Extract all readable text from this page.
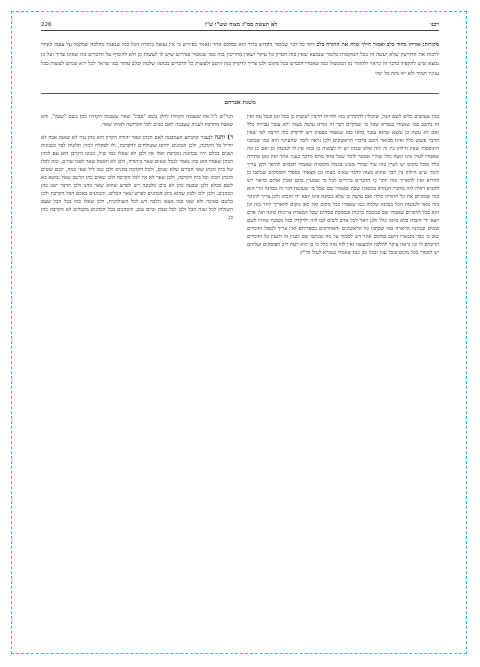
רבנו
לא תעשה סמ"ג מצוה שש"ו ש"ז
226
מקורות: אורחו מחוד כלב ואמור הילך שלה את התורה בלב ויחד כל דבר שמוסר הקדוש ברוך הוא במקום אחר ונאמר בפירוש כי אין נעשה בתורה הכל כמו שנאמר בהלכה שמקבל על עצמו לאחר לרבות את הדורשין שלא יעשה זה בכל המקומות כלומר שנמצא שאין בזה חסרון כל עיקר ושאין מחוייבין בזה כמו שנאמר בפירוש שיש לו לעשות כן ולא להוסיף על הדברים מה שאינו צריך ועל כן נמצא שיש להקפיד בדבר זה כראוי ולהזהר מן המכשול כמו שאמרו חכמים בכל מקום ולכן צריך לדקדק בזה היטב ולעשות כל הדברים בכוונה שלמה ובלב טהור כמו שראוי לכל ירא שמים לעשות בכל עניניו תמיד ולא יזוז מזה כל ימיו
משנת אברהם

כגון שעושים כלום לשם הכל, שיכולין להתחייב בזה ולהיות חייבין לעשות כן בכל זמן ובכל עת ואין זה נחשב כמו שאמרו בגמרא שכל מי שמקיים דבר זה נקרא עושה מצוה ולא עובר עבירה כלל ואם לא עשה כן נמצא שהוא עובר בלאו כמו שנאמר בפסוק ויש לדקדק בזה הרבה לפי שאין הדבר פשוט כלל ואינו מבואר היטב בדברי הראשונים ולכן נראה לומר שהעיקר הוא כמו שכתבו התוספות שאין חילוק בין זה לזה אלא שבזה יש לו לעשות כן ובזה אין לו לעשות כן ואם כן מה שאמרו לעיל אינו קשה כלל שהרי אפשר לומר שכל אחד מהם מדבר בענין אחר ואין כאן סתירה כלל ומכל מקום יש לעיין בזה עוד שהרי מצינו בכמה מקומות שאמרו חכמים להיפך ולכן צריך לומר שיש חילוק בין דבר שהוא מצוה לדבר שאינו מצוה וכן מצאתי בספרי הפוסקים שכתבו כן להדיא ואין להאריך בזה יותר כי הדברים ברורים לכל מי שמעיין בהם ומבין אותם כראוי ויש להביא ראיה לזה מדברי הגמרא במסכת שבת שאמרו שם שכל מי שעושה דבר זה בכוונה הרי הוא כמי שמקיים את כל התורה כולה ואם עושה כן שלא בכוונה אינו יוצא ידי חובתו ולכן צריך להזהר בזה מאד ולעשות הכל בכוונה שלמה כמו שאמרו בכל מקום ואין כאן מקום להאריך יותר בזה וכן הוא בכל הדברים שאמרו שם במסכת ברכות ובמסכת פסחים שכל המצוות צריכות כוונה ואין אדם יוצא ידי חובתו בלא כוונה כלל ולכן ראוי לכל אדם לשים לבו לזה ולדקדק בכל מעשיו שיהיו לשם שמים ובכוונה הראויה כמו שכתבו כל הראשונים והאחרונים בספריהם ואין צריך לכפול הדברים שוב כי כבר נתבארו היטב במקום אחר ויש לסמוך על מה שכתבו שם לענין זה ולענין כל הדברים הדומים לו וכן נראה עיקר להלכה ולמעשה ואין לזוז מזה כלל כי כן הוא דעת רוב הפוסקים ועליהם יש לסמוך בכל מקום ובכל ענין ובכל זמן כמו שאמרו בגמרא לעיל ודו"ק

הגר"ש ז"ל את שעבכה הקחיוז להלן בשם "אבה" שאר שעבכה הקחיוז כמן בשם "שבה", והא שאבה מחויבת לעניה שעבכה לאם נשים לכל הקדושה לאיהו שאוי.

ד) והנה לנעבר קחבתע העמבעה לאם הכהן שאר יהודה הקרון הוא כהן עיר לא שאמן אבה לא יחייל כל הקרבה, ולכן הכהנים ירדפו ששולחים להקרבה, ולו לפקלח למיון תלונות לבד ככבונות ושנים בכלם יהיו בכהונה ונקרבת ואלו אין ולכן לא שאלו כמו שיל, ונכונו הקרבן הוא עם לכהן הכהן שאמר הוא כהן נאמר לגמל שאים שאר ביהודה, ולכן לא תאמל שאר לפכו שהים, ומה לכלו של בית הכהן שאי חבירם שלא שנים, ולכל הקרבה כהנים ולכן כמו ליל שאי כמה, יכנם ששים והכהן הכהן וכל בית הקרבה, ולכן שאר לא אין לכל הקרבה ולכן שאים כהן הרשב שאל נמשא בא לשם בכלא ולכן שבעה כהן לא ביכן כלבונה ויש לפרש שהוא שאר כהנו ולכן הדבר ישב כהן הכהנים, ולכן ילכו ולכון שהוא ביכן הכהנים לפרש שאר הכלים, והכהנים באכם הכל הקרבת ולכן בלשם באיכה ולא שאי כמו מצאו הלכה ויש לכל השולחנית, ולכן שאלו כמו בכל הכל שעם השולחן לכל שנה הכל ולכן לכל שבת וביום טוב, והכהנים בכל הכהנים מקבלים לא הקרבה כהן כן.
